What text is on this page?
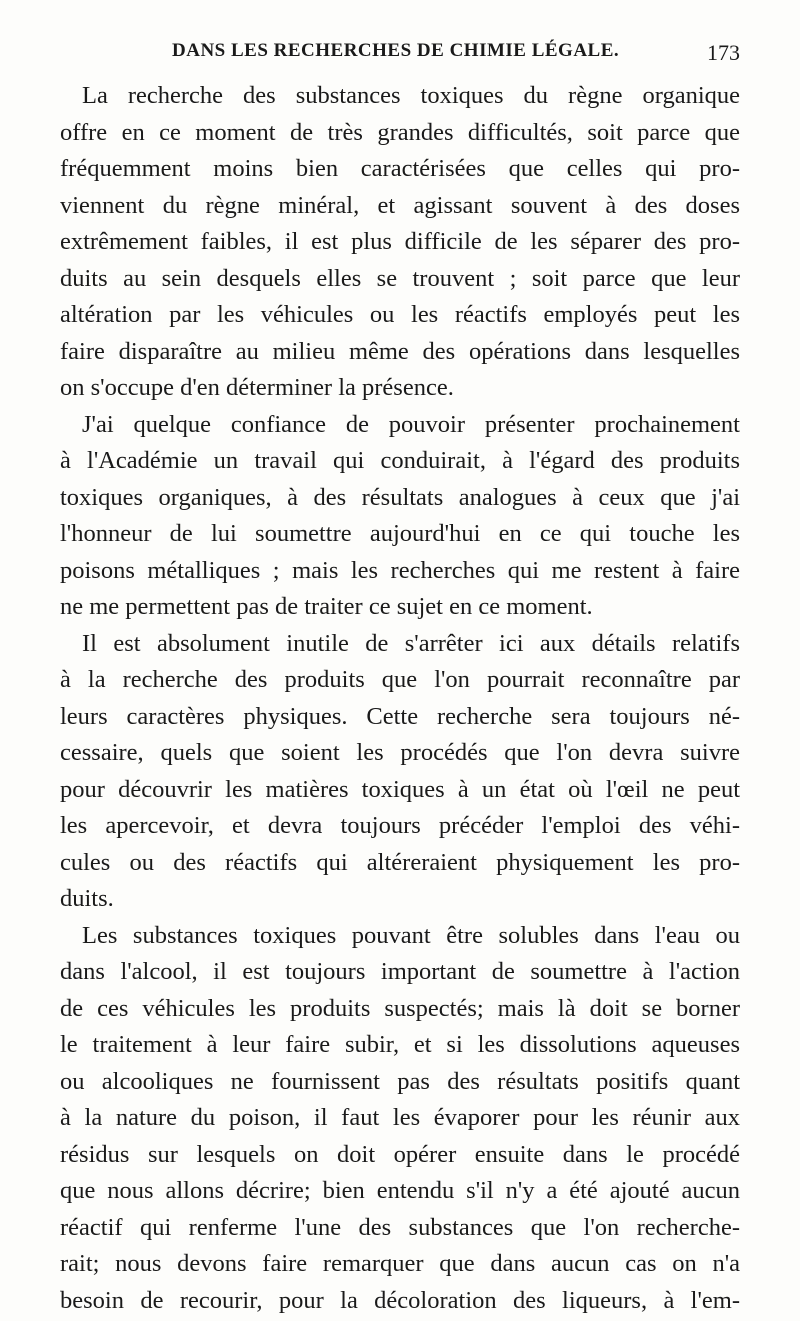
DANS LES RECHERCHES DE CHIMIE LÉGALE.	173
La recherche des substances toxiques du règne organique
offre en ce moment de très grandes difficultés, soit parce que
fréquemment moins bien caractérisées que celles qui pro-
viennent du règne minéral, et agissant souvent à des doses
extrêmement faibles, il est plus difficile de les séparer des pro-
duits au sein desquels elles se trouvent ; soit parce que leur
altération par les véhicules ou les réactifs employés peut les
faire disparaître au milieu même des opérations dans lesquelles
on s'occupe d'en déterminer la présence.
J'ai quelque confiance de pouvoir présenter prochainement
à l'Académie un travail qui conduirait, à l'égard des produits
toxiques organiques, à des résultats analogues à ceux que j'ai
l'honneur de lui soumettre aujourd'hui en ce qui touche les
poisons métalliques ; mais les recherches qui me restent à faire
ne me permettent pas de traiter ce sujet en ce moment.
Il est absolument inutile de s'arrêter ici aux détails relatifs
à la recherche des produits que l'on pourrait reconnaître par
leurs caractères physiques. Cette recherche sera toujours né-
cessaire, quels que soient les procédés que l'on devra suivre
pour découvrir les matières toxiques à un état où l'œil ne peut
les apercevoir, et devra toujours précéder l'emploi des véhi-
cules ou des réactifs qui altéreraient physiquement les pro-
duits.
Les substances toxiques pouvant être solubles dans l'eau ou
dans l'alcool, il est toujours important de soumettre à l'action
de ces véhicules les produits suspectés; mais là doit se borner
le traitement à leur faire subir, et si les dissolutions aqueuses
ou alcooliques ne fournissent pas des résultats positifs quant
à la nature du poison, il faut les évaporer pour les réunir aux
résidus sur lesquels on doit opérer ensuite dans le procédé
que nous allons décrire; bien entendu s'il n'y a été ajouté aucun
réactif qui renferme l'une des substances que l'on recherche-
rait; nous devons faire remarquer que dans aucun cas on n'a
besoin de recourir, pour la décoloration des liqueurs, à l'em-
